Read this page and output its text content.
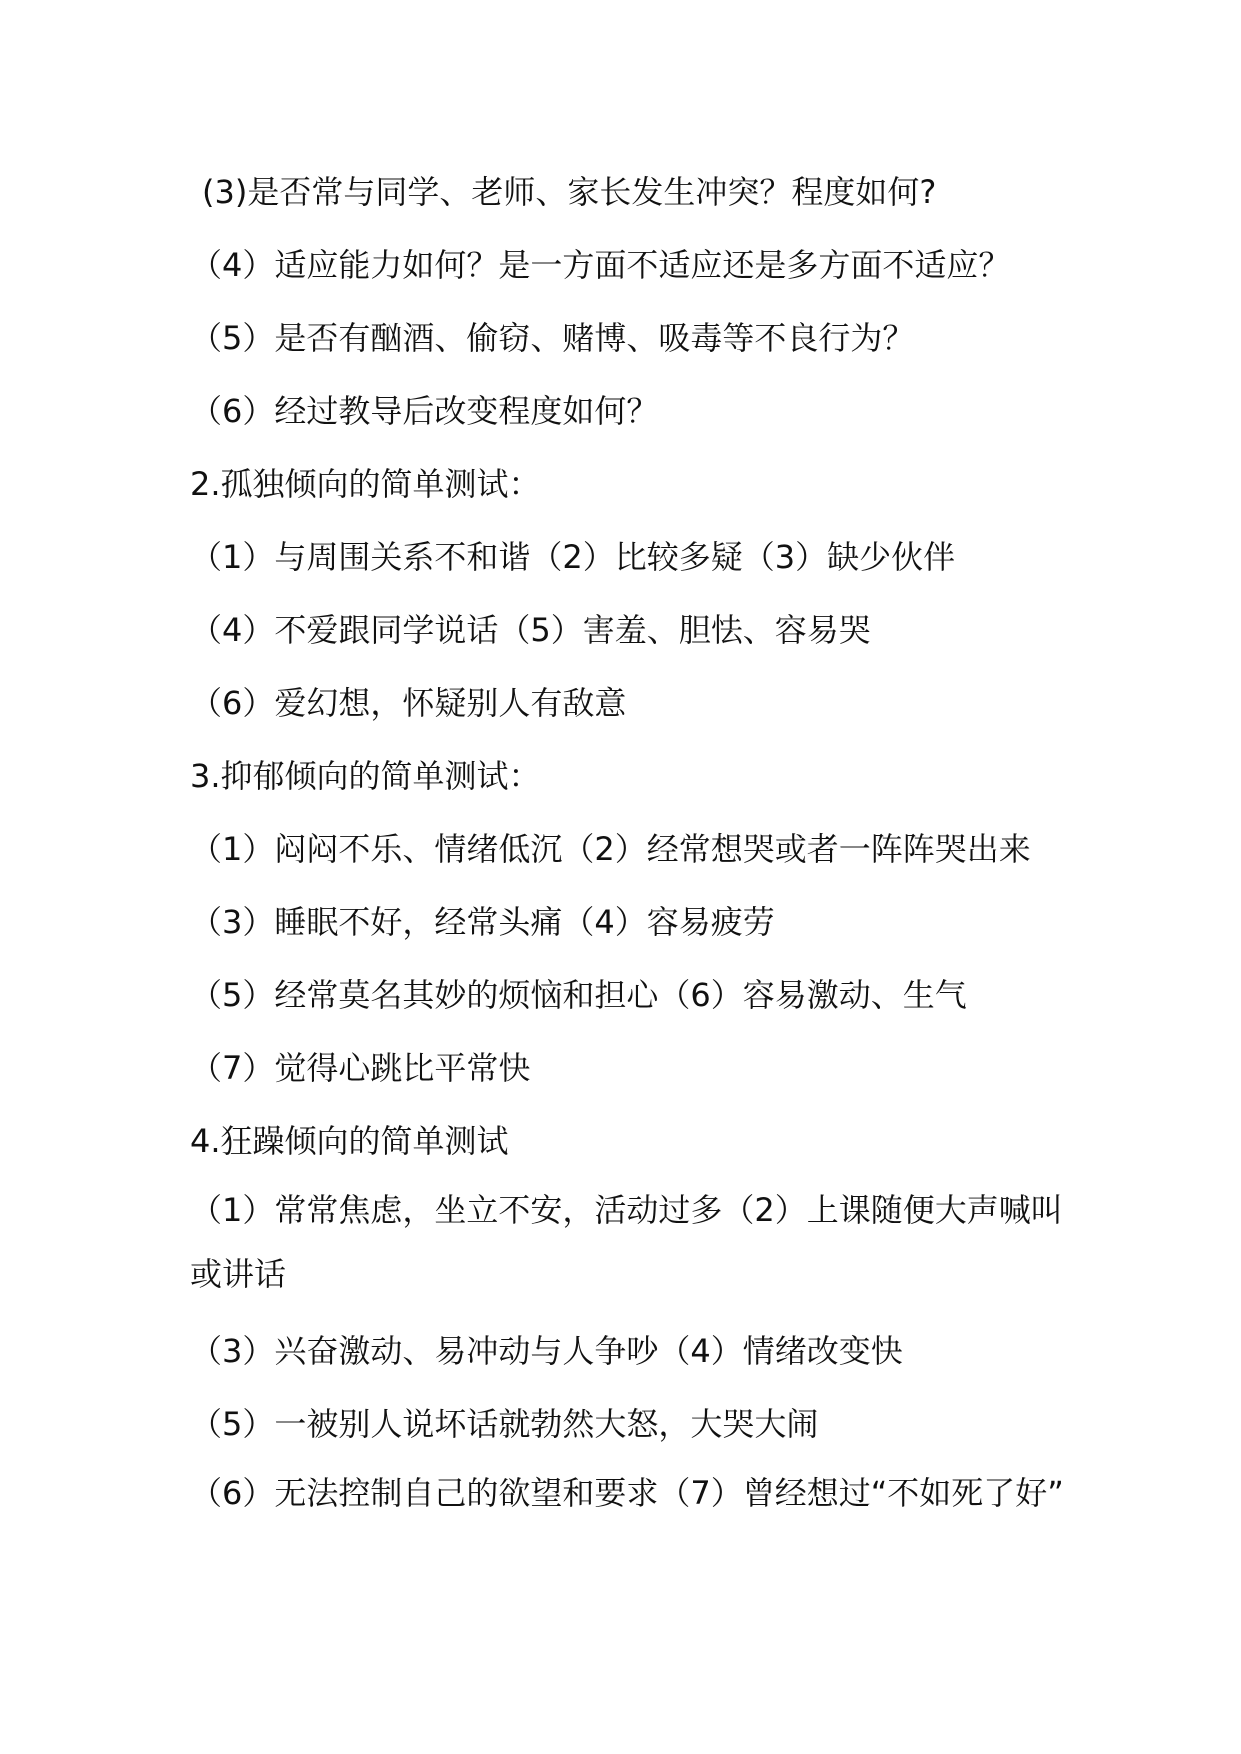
(3)是否常与同学、老师、家长发生冲突？程度如何?
（4）适应能力如何？是一方面不适应还是多方面不适应？
（5）是否有酗酒、偷窃、赌博、吸毒等不良行为？
（6）经过教导后改变程度如何？
2.孤独倾向的简单测试：
（1）与周围关系不和谐（2）比较多疑（3）缺少伙伴
（4）不爱跟同学说话（5）害羞、胆怯、容易哭
（6）爱幻想，怀疑别人有敌意
3.抑郁倾向的简单测试：
（1）闷闷不乐、情绪低沉（2）经常想哭或者一阵阵哭出来
（3）睡眠不好，经常头痛（4）容易疲劳
（5）经常莫名其妙的烦恼和担心（6）容易激动、生气
（7）觉得心跳比平常快
4.狂躁倾向的简单测试
（1）常常焦虑，坐立不安，活动过多（2）上课随便大声喊叫或讲话
（3）兴奋激动、易冲动与人争吵（4）情绪改变快
（5）一被别人说坏话就勃然大怒，大哭大闹
（6）无法控制自己的欲望和要求（7）曾经想过“不如死了好”
